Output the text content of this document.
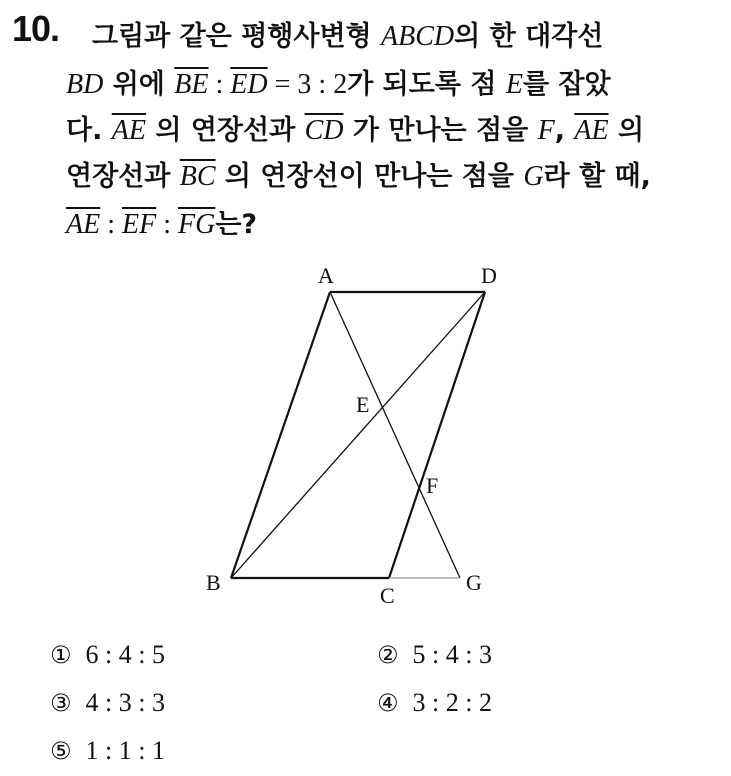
10. 그림과 같은 평행사변형 ABCD의 한 대각선
BD 위에 $\overline{BE}$ : $\overline{ED} = 3$ : 2가 되도록 점 E를 잡았
다. $\overline{AE}$ 의 연장선과 $\overline{CD}$ 가 만나는 점을 F, $\overline{AE}$ 의
연장선과 $\overline{BC}$ 의 연장선이 만나는 점을 G라 할 때,
$\overline{AE}$ : $\overline{EF}$ : $\overline{FG}$는?
A	D
E
F
B
C
G
① 6 : 4 : 5	② 5 : 4 : 3
③ 4 : 3 : 3	④ 3 : 2 : 2
⑤ 1 : 1 : 1
